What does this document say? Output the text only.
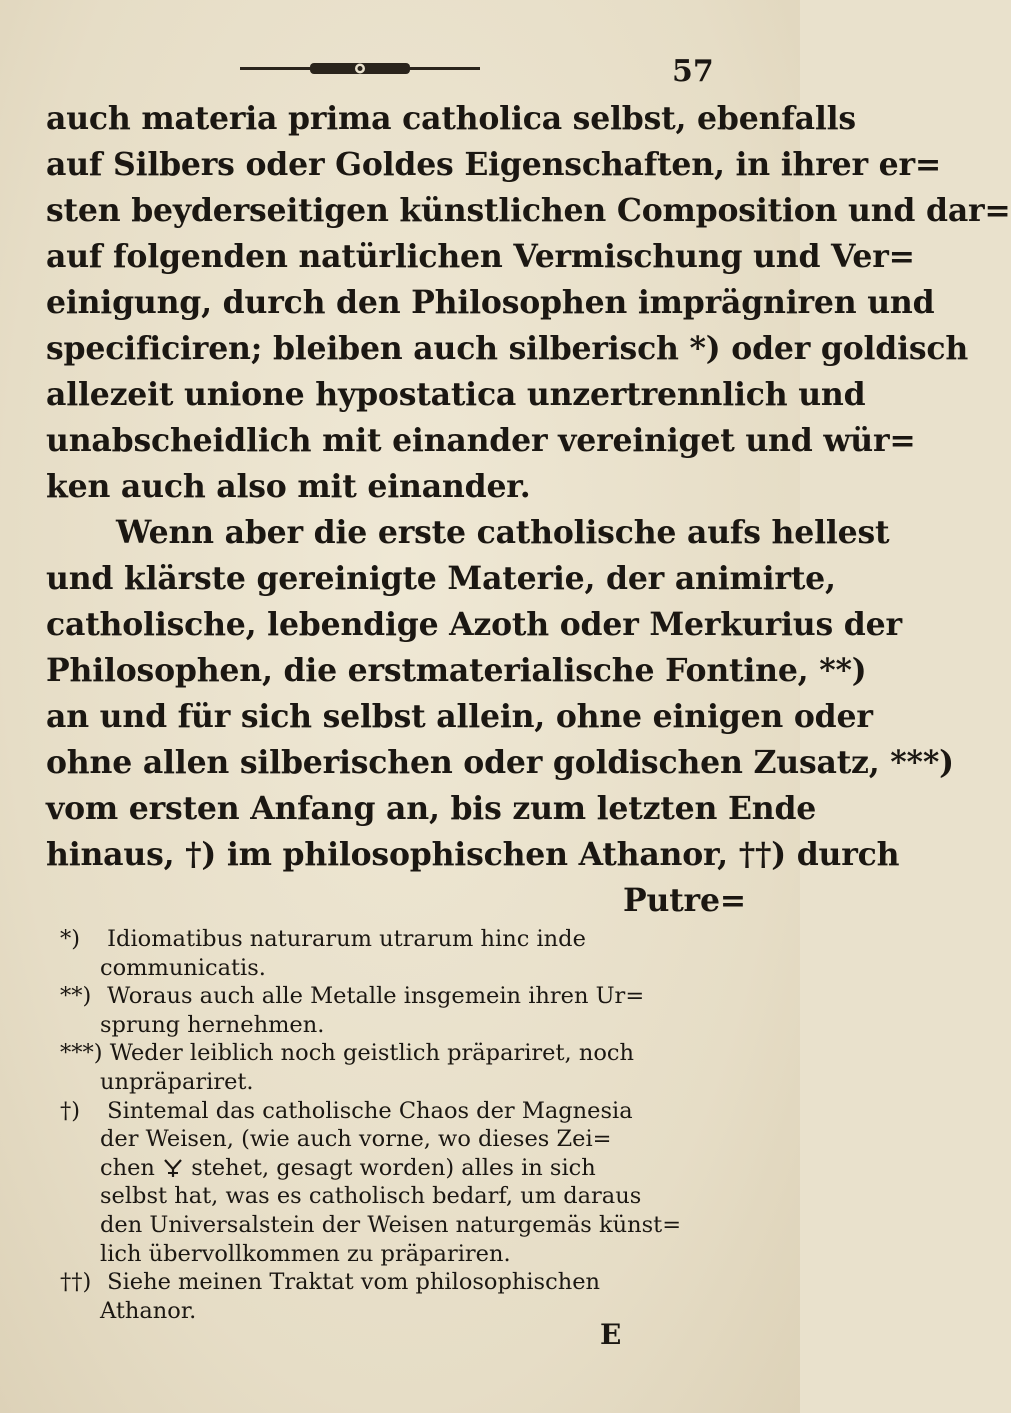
57
auch materia prima catholica selbst, ebenfalls
auf Silbers oder Goldes Eigenschaften, in ihrer er=
sten beyderseitigen künstlichen Composition und dar=
auf folgenden natürlichen Vermischung und Ver=
einigung, durch den Philosophen imprägniren und
specificiren; bleiben auch silberisch *) oder goldisch
allezeit unione hypostatica unzertrennlich und
unabscheidlich mit einander vereiniget und wür=
ken auch also mit einander.
Wenn aber die erste catholische aufs hellest
und klärste gereinigte Materie, der animirte,
catholische, lebendige Azoth oder Merkurius der
Philosophen, die erstmaterialische Fontine, **)
an und für sich selbst allein, ohne einigen oder
ohne allen silberischen oder goldischen Zusatz, ***)
vom ersten Anfang an, bis zum letzten Ende
hinaus, †) im philosophischen Athanor, ††) durch
Putre=
*) Idiomatibus naturarum utrarum hinc inde
communicatis.
**) Woraus auch alle Metalle insgemein ihren Ur=
sprung hernehmen.
***) Weder leiblich noch geistlich präpariret, noch
unpräpariret.
†) Sintemal das catholische Chaos der Magnesia
der Weisen, (wie auch vorne, wo dieses Zei=
chen stehet, gesagt worden) alles in sich
selbst hat, was es catholisch bedarf, um daraus
den Universalstein der Weisen naturgemäs künst=
lich übervollkommen zu präpariren.
††) Siehe meinen Traktat vom philosophischen
Athanor.
E
